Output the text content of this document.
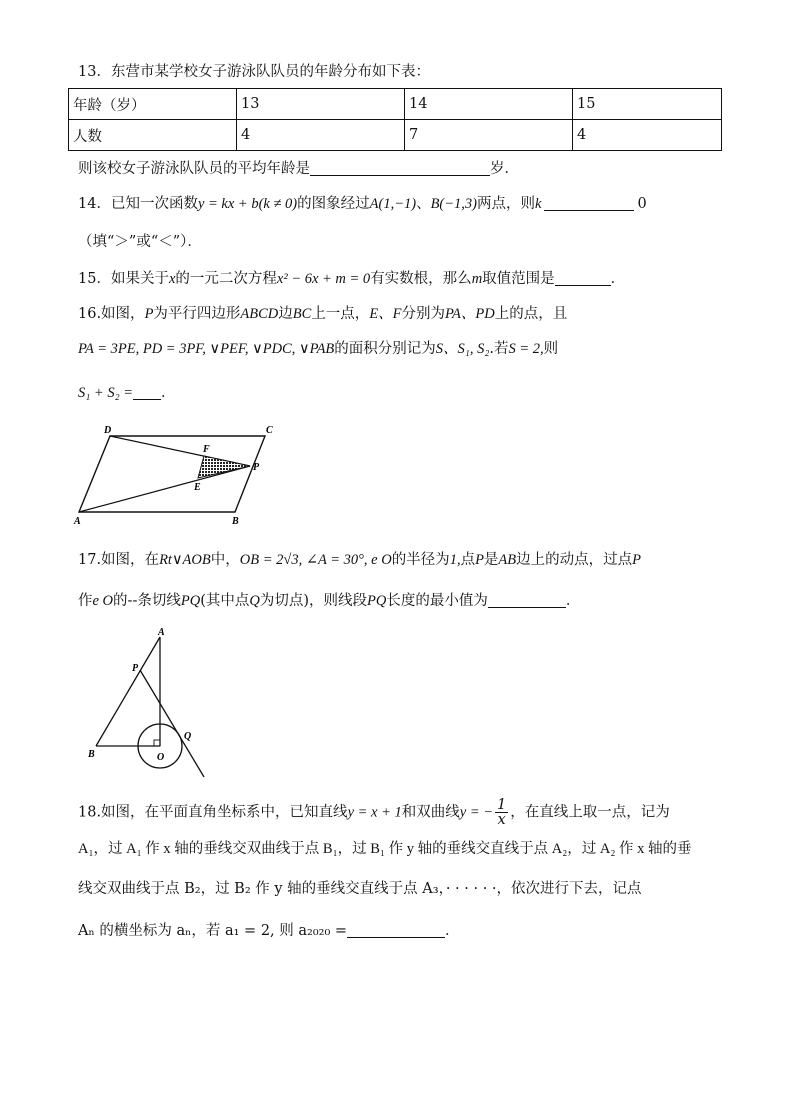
13．东营市某学校女子游泳队队员的年龄分布如下表：
年龄（岁）	13	14	15
人数	4	7	4
则该校女子游泳队队员的平均年龄是	岁．
14．已知一次函数y = kx + b(k ≠ 0)的图象经过A(1,−1)、B(−1,3)两点，则k	0
（填“＞”或“＜”）．
15．如果关于x的一元二次方程x² − 6x + m = 0有实数根，那么m取值范围是	．
16.如图，P为平行四边形ABCD边BC上一点，E、F分别为PA、PD上的点，且
PA = 3PE, PD = 3PF, ∨PEF, ∨PDC, ∨PAB的面积分别记为S、S₁, S₂.若S = 2,则
S₁ + S₂ = ．
D	C
F
P
E
A	B
17.如图，在Rt∨AOB中，OB = 2√3, ∠A = 30°, e O的半径为1,点P是AB边上的动点，过点P
作e O的--条切线PQ(其中点Q为切点)，则线段PQ长度的最小值为	．
A
P
Q
B	O
18.如图，在平面直角坐标系中，已知直线y = x + 1和双曲线y = − $\frac{1}{x}$ ，在直线上取一点，记为
A₁，过 A₁ 作 x 轴的垂线交双曲线于点 B₁，过 B₁ 作 y 轴的垂线交直线于点 A₂，过 A₂ 作 x 轴的垂
线交双曲线于点 B₂，过 B₂ 作 y 轴的垂线交直线于点 A₃，· · · · · ·，依次进行下去，记点
Aₙ 的横坐标为 aₙ，若 a₁ = 2, 则 a₂₀₂₀ =	．
